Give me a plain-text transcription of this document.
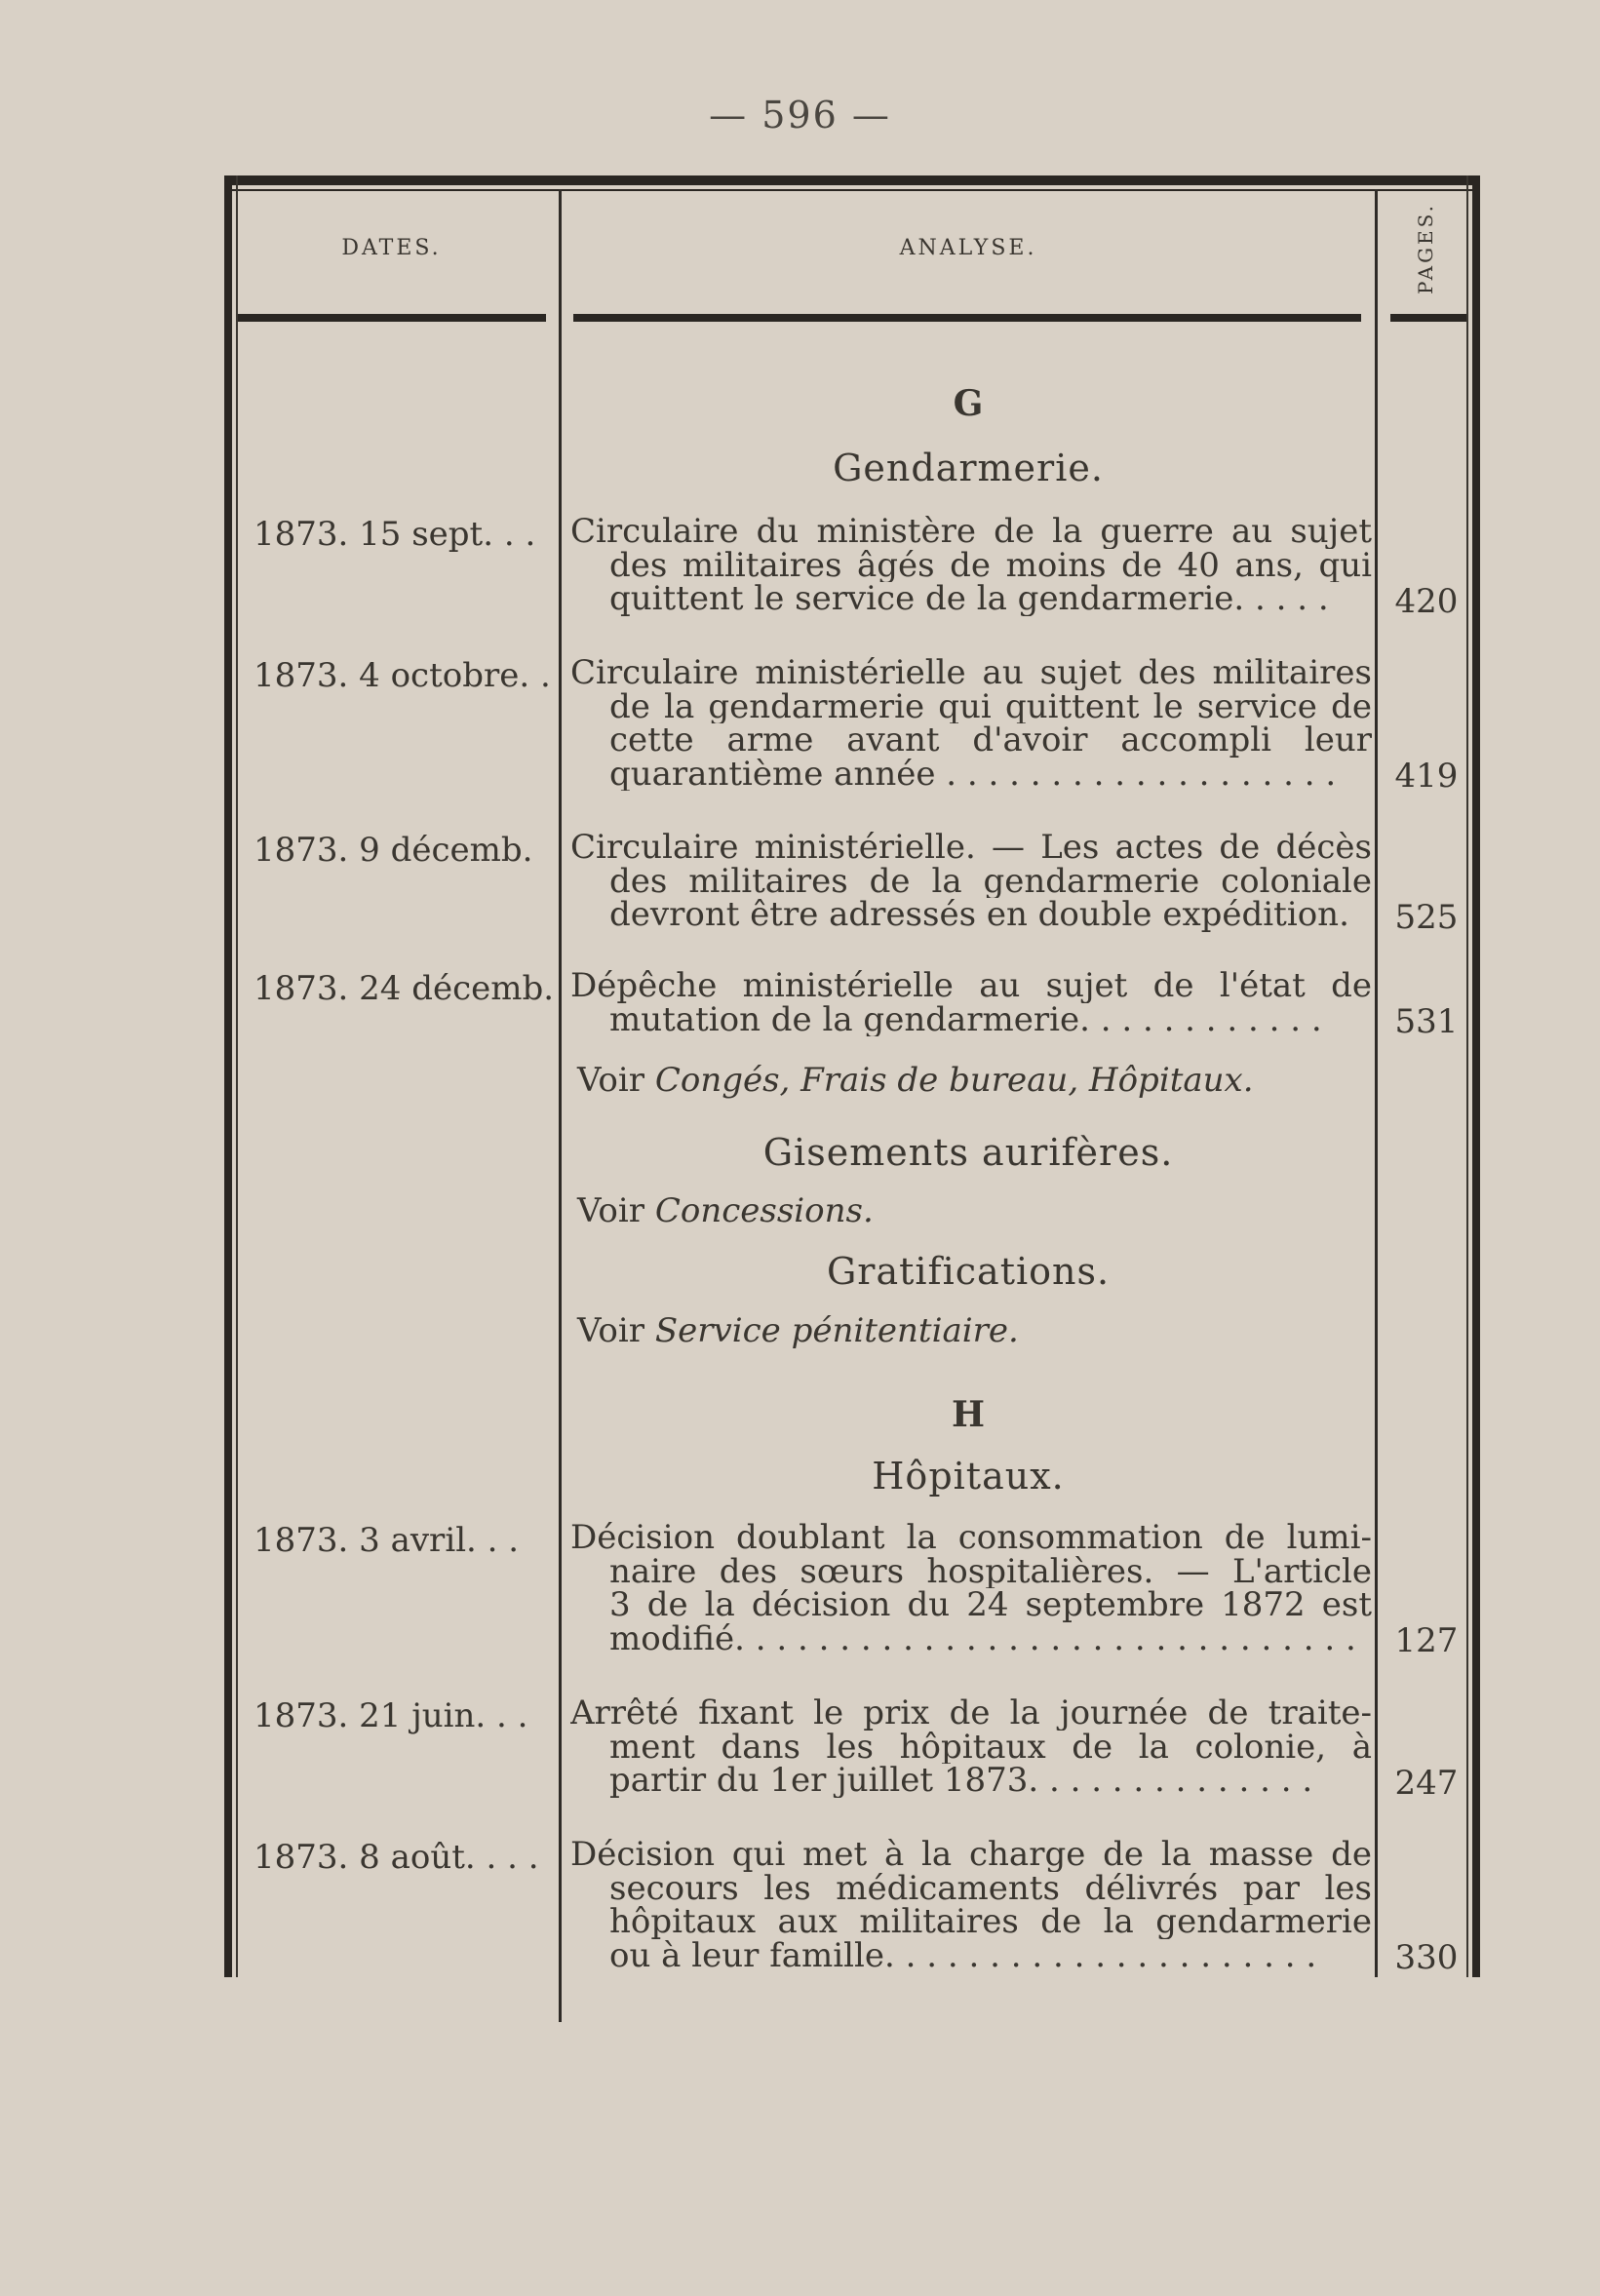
— 596 —
DATES.	ANALYSE.	PAGES.
G
Gendarmerie.
1873. 15 sept. . .	Circulaire du ministère de la guerre au sujet
des militaires âgés de moins de 40 ans, qui
quittent le service de la gendarmerie. . . . .	420
1873. 4 octobre. . Circulaire ministérielle au sujet des militaires
de la gendarmerie qui quittent le service de
cette arme avant d'avoir accompli leur
quarantième année . . . . . . . . . . . . . . . . . . .	419
1873. 9 décemb.	Circulaire ministérielle. — Les actes de décès
des militaires de la gendarmerie coloniale
devront être adressés en double expédition.	525
1873. 24 décemb. Dépêche ministérielle au sujet de l'état de
mutation de la gendarmerie. . . . . . . . . . . .	531
Voir Congés, Frais de bureau, Hôpitaux.
Gisements aurifères.
Voir Concessions.
Gratifications.
Voir Service pénitentiaire.
H
Hôpitaux.
1873. 3 avril. . .	Décision doublant la consommation de lumi-
naire des sœurs hospitalières. — L'article
3 de la décision du 24 septembre 1872 est
modifié. . . . . . . . . . . . . . . . . . . . . . . . . . . . . .	127
1873. 21 juin. . .	Arrêté fixant le prix de la journée de traite-
ment dans les hôpitaux de la colonie, à
partir du 1er juillet 1873. . . . . . . . . . . . . .	247
1873. 8 août. . . . Décision qui met à la charge de la masse de
secours les médicaments délivrés par les
hôpitaux aux militaires de la gendarmerie
ou à leur famille. . . . . . . . . . . . . . . . . . . . .	330
